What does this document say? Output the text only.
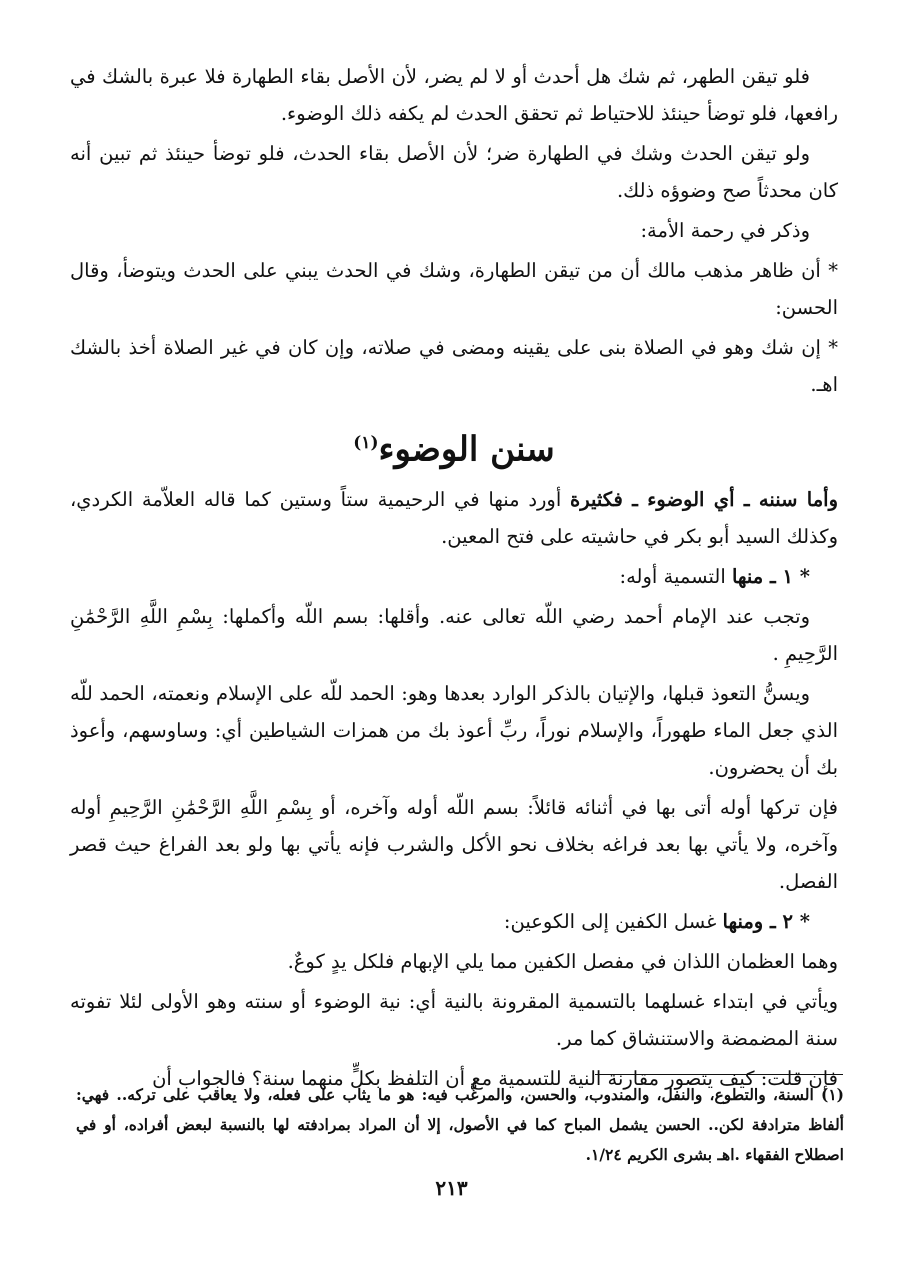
فلو تيقن الطهر، ثم شك هل أحدث أو لا لم يضر، لأن الأصل بقاء الطهارة فلا عبرة بالشك في رافعها، فلو توضأ حينئذ للاحتياط ثم تحقق الحدث لم يكفه ذلك الوضوء.

ولو تيقن الحدث وشك في الطهارة ضر؛ لأن الأصل بقاء الحدث، فلو توضأ حينئذ ثم تبين أنه كان محدثاً صح وضوؤه ذلك.

وذكر في رحمة الأمة:

* أن ظاهر مذهب مالك أن من تيقن الطهارة، وشك في الحدث يبني على الحدث ويتوضأ، وقال الحسن:

* إن شك وهو في الصلاة بنى على يقينه ومضى في صلاته، وإن كان في غير الصلاة أخذ بالشك اهـ.

سنن الوضوء$^{(١)}$

وأما سننه ـ أي الوضوء ـ فكثيرة أورد منها في الرحيمية ستاً وستين كما قاله العلاّمة الكردي، وكذلك السيد أبو بكر في حاشيته على فتح المعين.

* ١ ـ منها التسمية أوله:

وتجب عند الإمام أحمد رضي اللّه تعالى عنه. وأقلها: بسم اللّه وأكملها: بِسْمِ اللَّهِ الرَّحْمَٰنِ الرَّحِيمِ .

ويسنُّ التعوذ قبلها، والإتيان بالذكر الوارد بعدها وهو: الحمد للّه على الإسلام ونعمته، الحمد للّه الذي جعل الماء طهوراً، والإسلام نوراً، ربِّ أعوذ بك من همزات الشياطين أي: وساوسهم، وأعوذ بك أن يحضرون.

فإن تركها أوله أتى بها في أثنائه قائلاً: بسم اللّه أوله وآخره، أو بِسْمِ اللَّهِ الرَّحْمَٰنِ الرَّحِيمِ أوله وآخره، ولا يأتي بها بعد فراغه بخلاف نحو الأكل والشرب فإنه يأتي بها ولو بعد الفراغ حيث قصر الفصل.

* ٢ ـ ومنها غسل الكفين إلى الكوعين:

وهما العظمان اللذان في مفصل الكفين مما يلي الإبهام فلكل يدٍ كوعٌ.

ويأتي في ابتداء غسلهما بالتسمية المقرونة بالنية أي: نية الوضوء أو سنته وهو الأولى لئلا تفوته سنة المضمضة والاستنشاق كما مر.

فإن قلت: كيف يتصور مقارنة النية للتسمية مع أن التلفظ بكلٍّ منهما سنة؟ فالجواب أن

(١) السنة، والتطوع، والنفل، والمندوب، والحسن، والمرغَّب فيه: هو ما يثاب على فعله، ولا يعاقب على تركه.. فهي: ألفاظ مترادفة لكن.. الحسن يشمل المباح كما في الأصول، إلا أن المراد بمرادفته لها بالنسبة لبعض أفراده، أو في اصطلاح الفقهاء .اهـ بشرى الكريم ١/٢٤.

٢١٣
